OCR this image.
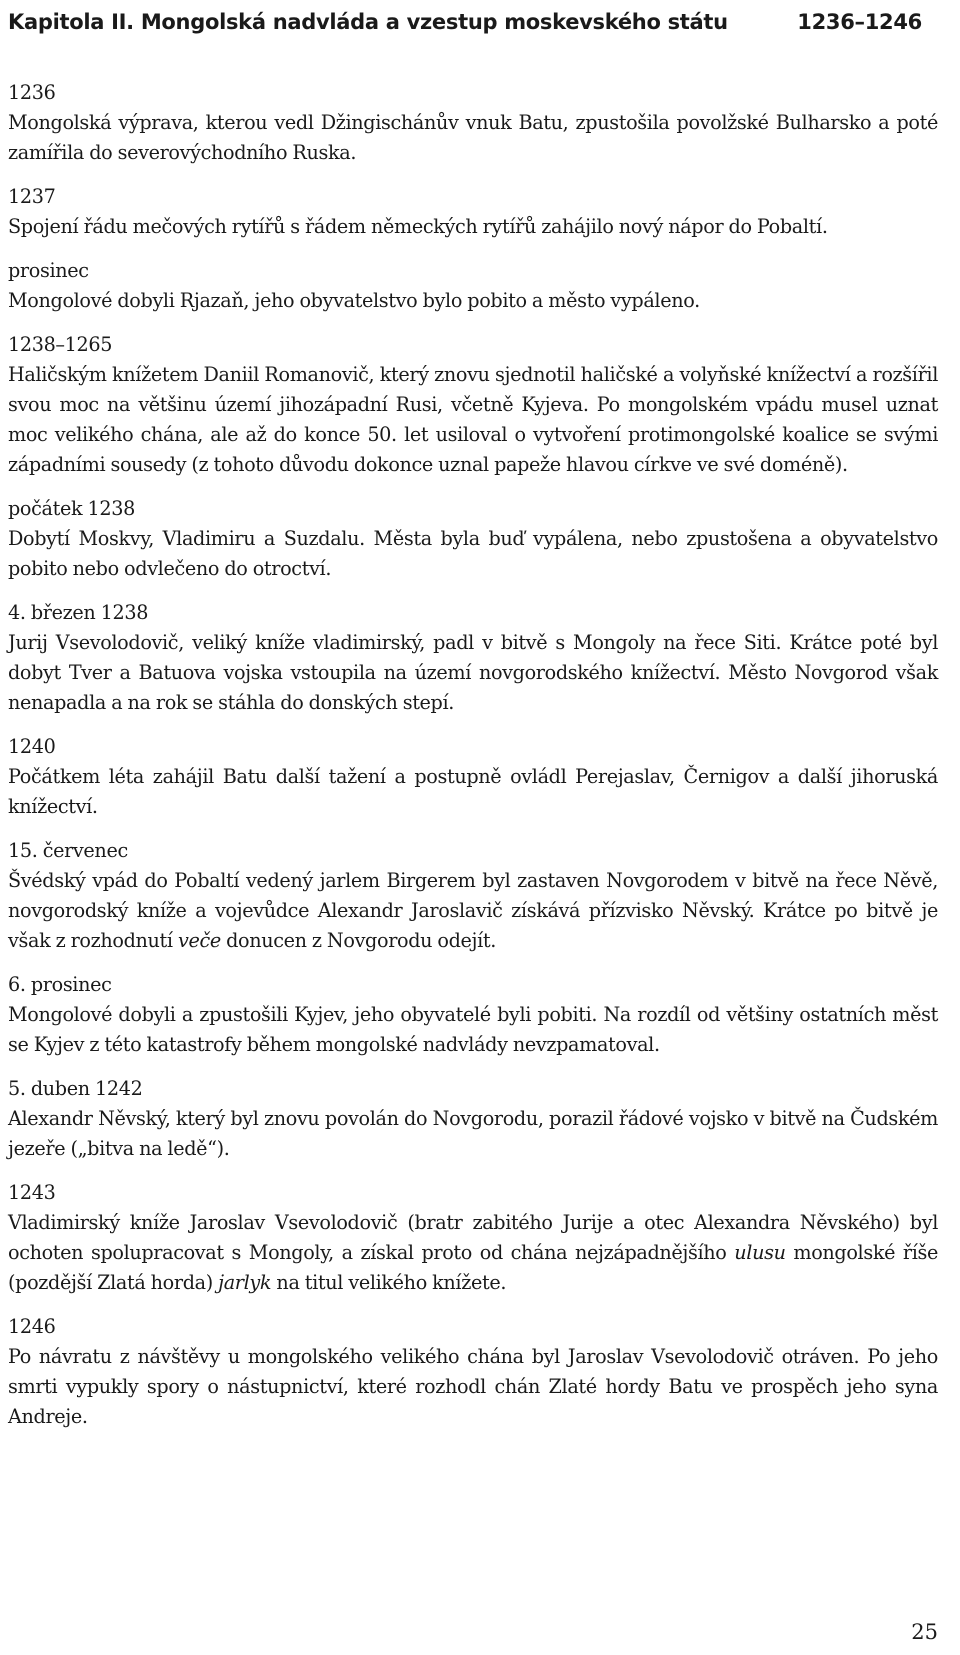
Kapitola II. Mongolská nadvláda a vzestup moskevského státu	1236–1246
1236
Mongolská výprava, kterou vedl Džingischánův vnuk Batu, zpustošila povolžské Bulharsko a poté zamířila do severovýchodního Ruska.
1237
Spojení řádu mečových rytířů s řádem německých rytířů zahájilo nový nápor do Pobaltí.
prosinec
Mongolové dobyli Rjazaň, jeho obyvatelstvo bylo pobito a město vypáleno.
1238–1265
Haličským knížetem Daniil Romanovič, který znovu sjednotil haličské a volyňské knížectví a rozšířil svou moc na většinu území jihozápadní Rusi, včetně Kyjeva. Po mongolském vpádu musel uznat moc velikého chána, ale až do konce 50. let usiloval o vytvoření protimongolské koalice se svými západními sousedy (z tohoto důvodu dokonce uznal papeže hlavou církve ve své doméně).
počátek 1238
Dobytí Moskvy, Vladimiru a Suzdalu. Města byla buď vypálena, nebo zpustošena a obyvatelstvo pobito nebo odvlečeno do otroctví.
4. březen 1238
Jurij Vsevolodovič, veliký kníže vladimirský, padl v bitvě s Mongoly na řece Siti. Krátce poté byl dobyt Tver a Batuova vojska vstoupila na území novgorodského knížectví. Město Novgorod však nenapadla a na rok se stáhla do donských stepí.
1240
Počátkem léta zahájil Batu další tažení a postupně ovládl Perejaslav, Černigov a další jihoruská knížectví.
15. červenec
Švédský vpád do Pobaltí vedený jarlem Birgerem byl zastaven Novgorodem v bitvě na řece Něvě, novgorodský kníže a vojevůdce Alexandr Jaroslavič získává přízvisko Něvský. Krátce po bitvě je však z rozhodnutí veče donucen z Novgorodu odejít.
6. prosinec
Mongolové dobyli a zpustošili Kyjev, jeho obyvatelé byli pobiti. Na rozdíl od většiny ostatních měst se Kyjev z této katastrofy během mongolské nadvlády nevzpamatoval.
5. duben 1242
Alexandr Něvský, který byl znovu povolán do Novgorodu, porazil řádové vojsko v bitvě na Čudském jezeře („bitva na ledě“).
1243
Vladimirský kníže Jaroslav Vsevolodovič (bratr zabitého Jurije a otec Alexandra Něvského) byl ochoten spolupracovat s Mongoly, a získal proto od chána nejzápadnějšího ulusu mongolské říše (pozdější Zlatá horda) jarlyk na titul velikého knížete.
1246
Po návratu z návštěvy u mongolského velikého chána byl Jaroslav Vsevolodovič otráven. Po jeho smrti vypukly spory o nástupnictví, které rozhodl chán Zlaté hordy Batu ve prospěch jeho syna Andreje.
25
